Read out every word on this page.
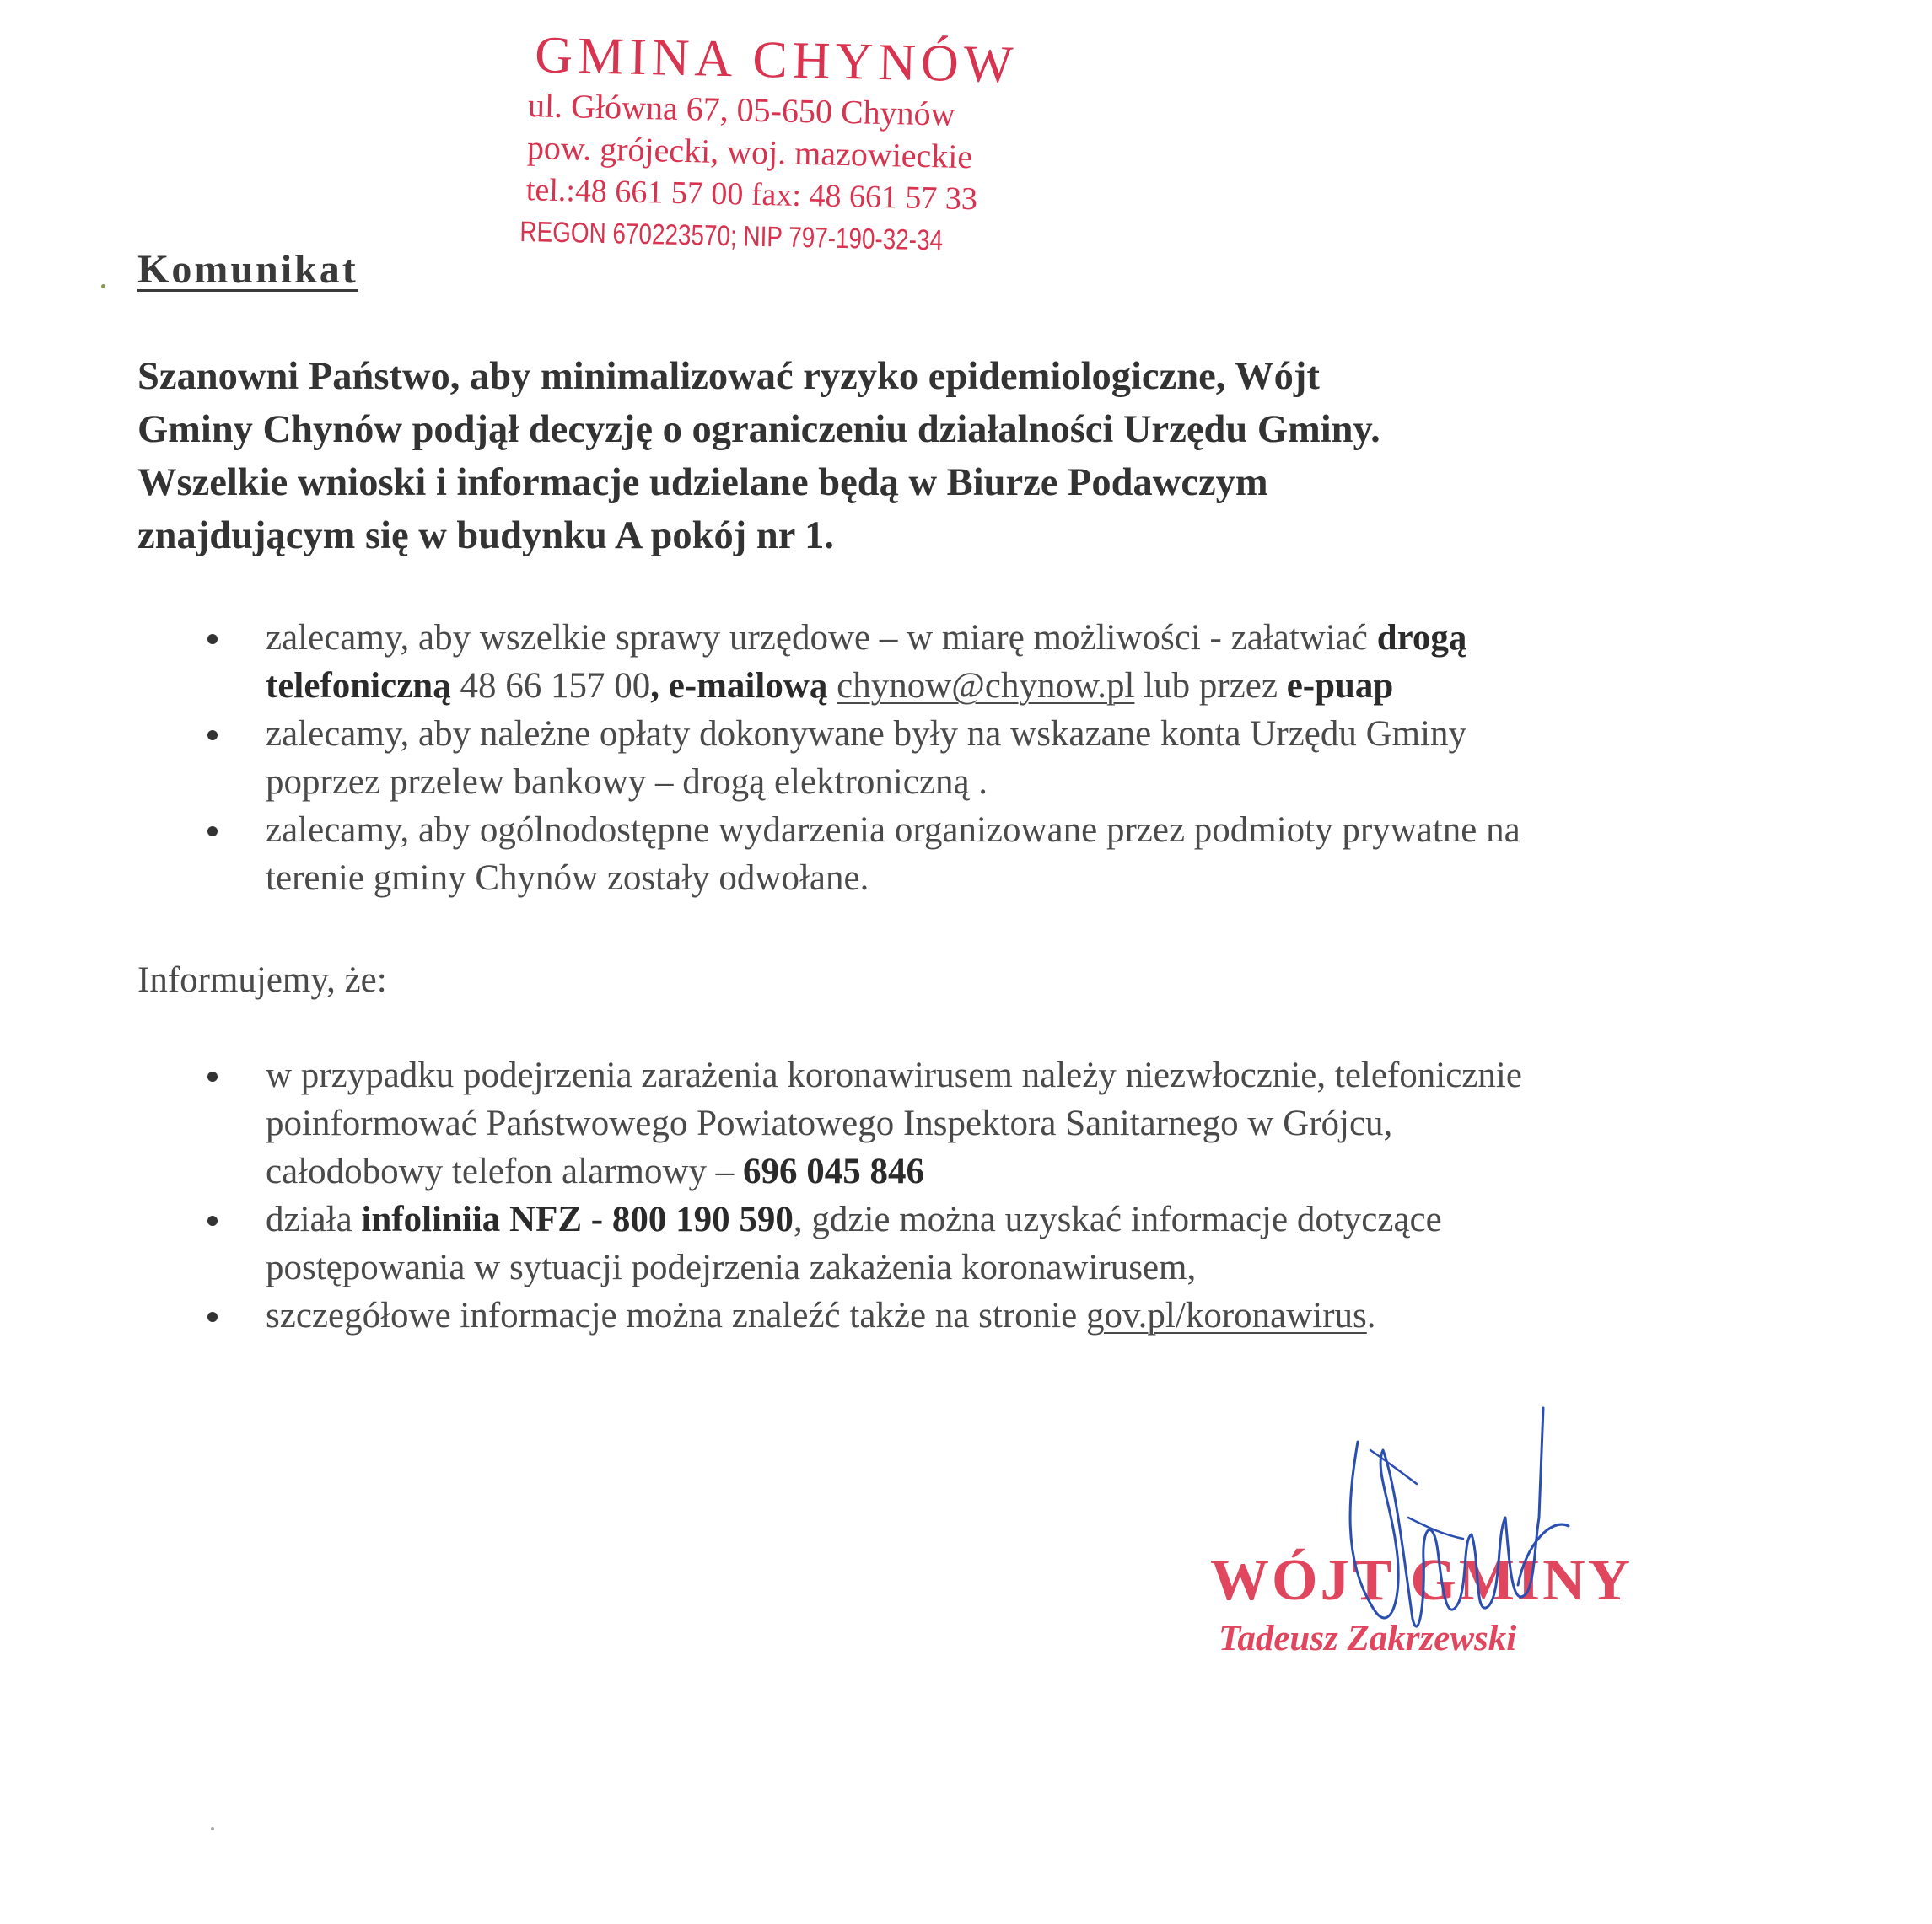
GMINA CHYNÓW
ul. Główna 67, 05-650 Chynów
pow. grójecki, woj. mazowieckie
tel.:48 661 57 00 fax: 48 661 57 33
REGON 670223570; NIP 797-190-32-34
Komunikat
Szanowni Państwo, aby minimalizować ryzyko epidemiologiczne, Wójt
Gminy Chynów podjął decyzję o ograniczeniu działalności Urzędu Gminy.
Wszelkie wnioski i informacje udzielane będą w Biurze Podawczym
znajdującym się w budynku A pokój nr 1.
zalecamy, aby wszelkie sprawy urzędowe – w miarę możliwości - załatwiać drogą
telefoniczną 48 66 157 00, e-mailową chynow@chynow.pl lub przez e-puap
zalecamy, aby należne opłaty dokonywane były na wskazane konta Urzędu Gminy
poprzez przelew bankowy – drogą elektroniczną .
zalecamy, aby ogólnodostępne wydarzenia organizowane przez podmioty prywatne na
terenie gminy Chynów zostały odwołane.
Informujemy, że:
w przypadku podejrzenia zarażenia koronawirusem należy niezwłocznie, telefonicznie
poinformować Państwowego Powiatowego Inspektora Sanitarnego w Grójcu,
całodobowy telefon alarmowy – 696 045 846
działa infoliniia NFZ - 800 190 590, gdzie można uzyskać informacje dotyczące
postępowania w sytuacji podejrzenia zakażenia koronawirusem,
szczegółowe informacje można znaleźć także na stronie gov.pl/koronawirus.
WÓJT GMINY
Tadeusz Zakrzewski
